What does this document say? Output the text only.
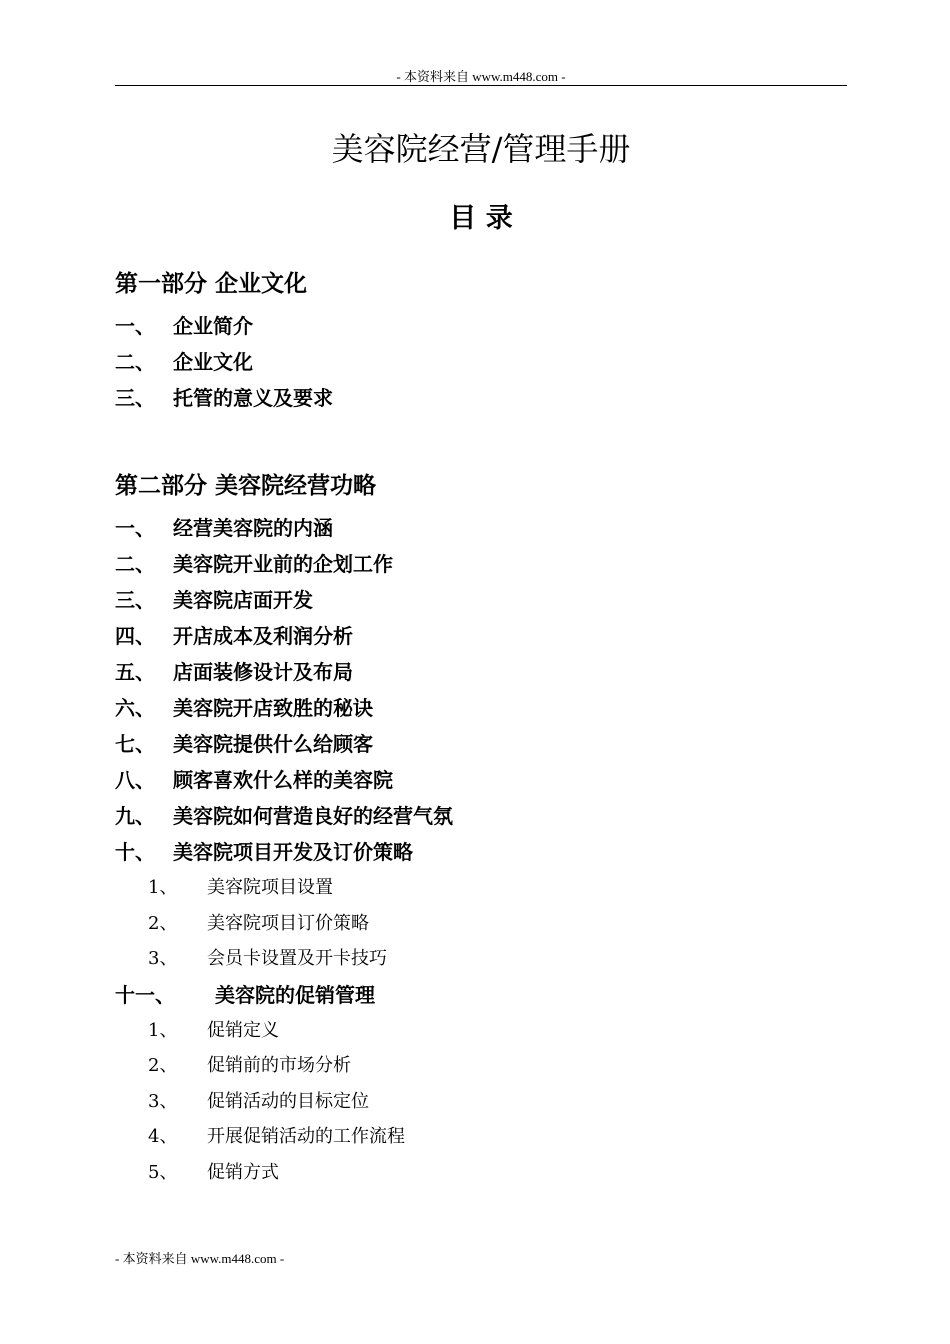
- 本资料来自 www.m448.com -
美容院经营/管理手册
目 录
第一部分 企业文化
一、 企业简介
二、 企业文化
三、 托管的意义及要求
第二部分 美容院经营功略
一、 经营美容院的内涵
二、 美容院开业前的企划工作
三、 美容院店面开发
四、 开店成本及利润分析
五、 店面装修设计及布局
六、 美容院开店致胜的秘诀
七、 美容院提供什么给顾客
八、 顾客喜欢什么样的美容院
九、 美容院如何营造良好的经营气氛
十、 美容院项目开发及订价策略
1、	美容院项目设置
2、	美容院项目订价策略
3、	会员卡设置及开卡技巧
十一、	美容院的促销管理
1、	促销定义
2、	促销前的市场分析
3、	促销活动的目标定位
4、	开展促销活动的工作流程
5、	促销方式
- 本资料来自 www.m448.com -
